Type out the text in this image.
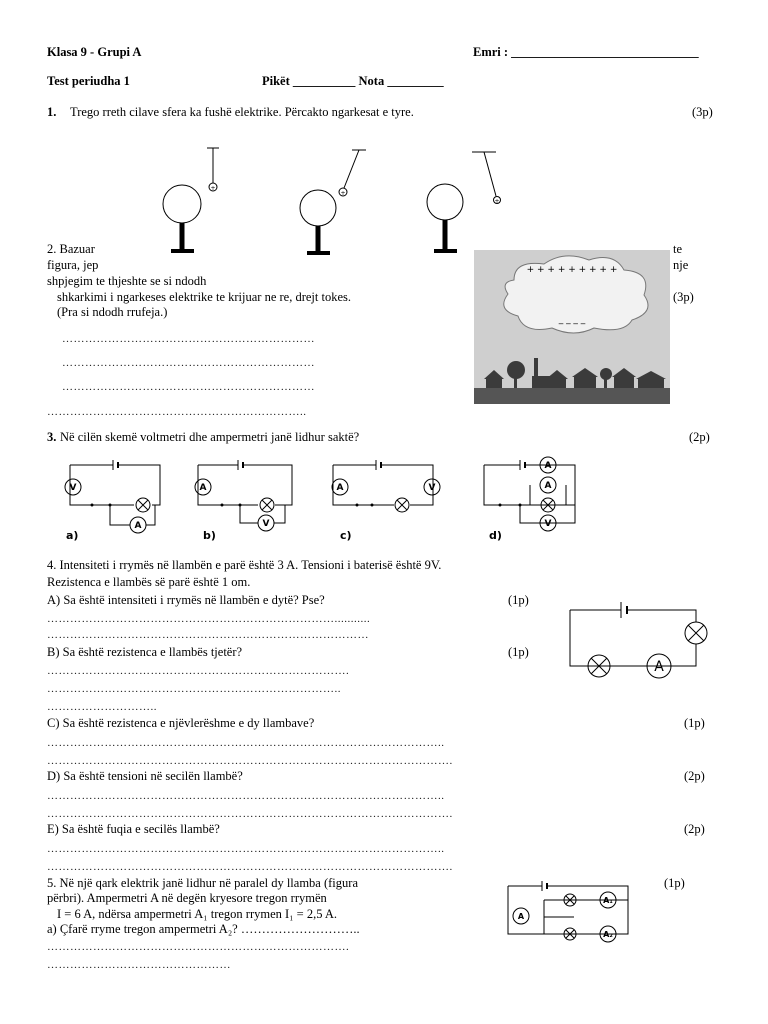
Klasa 9 - Grupi A	Emri : ______________________________
Test periudha 1	Pikët __________ Nota _________
1. Trego rreth cilave sfera ka fushë elektrike. Përcakto ngarkesat e tyre.	(3p)
+
+
+
2. Bazuar	te
figura, jep	nje
shpjegim te thjeshte se si ndodh
shkarkimi i ngarkeses elektrike te krijuar ne re, drejt tokes.	(3p)
(Pra si ndodh rrufeja.)
…………………………………………………………
…………………………………………………………
…………………………………………………………
…………………………………………………………..
+ + + + + + + + +
_ _ _ _
3. Në cilën skemë voltmetri dhe ampermetri janë lidhur saktë?	(2p)
V
A
A
V
A	V
A
A
V
a)	b)	c)	d)
4. Intensiteti i rrymës në llambën e parë është 3 A. Tensioni i baterisë është 9V.
Rezistenca e llambës së parë është 1 om.
A) Sa është intensiteti i rrymës në llambën e dytë? Pse?	(1p)
…………………………………………………………………...........
…………………………………………………………………………
B) Sa është rezistenca e llambës tjetër?	(1p)
…………………………………………………………………….
…………………………………………………………………..
………………………..
C) Sa është rezistenca e njëvlerëshme e dy llambave?	(1p)
…………………………………………………………………………………………..
…………………………………………………………………………………………….
D) Sa është tensioni në secilën llambë?	(2p)
…………………………………………………………………………………………..
…………………………………………………………………………………………….
E) Sa është fuqia e secilës llambë?	(2p)
…………………………………………………………………………………………..
…………………………………………………………………………………………….
A
5. Në një qark elektrik janë lidhur në paralel dy llamba (figura	(1p)
përbri). Ampermetri A në degën kryesore tregon rrymën
I = 6 A, ndërsa ampermetri A₁ tregon rrymen I₁ = 2,5 A.
a) Çfarë rryme tregon ampermetri A₂? ………………………..
…………………………………………………………………….
…………………………………………
A
A₁
A₂
